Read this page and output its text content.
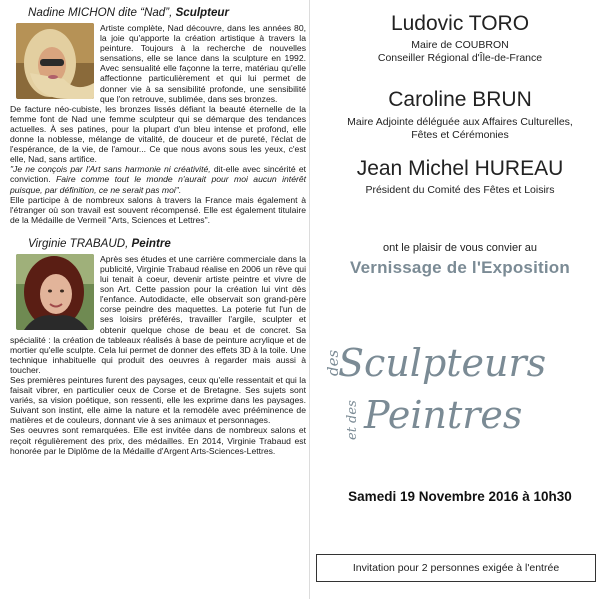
Nadine MICHON dite “Nad”, Sculpteur

Artiste complète, Nad découvre, dans les années 80, la joie qu'apporte la création artistique à travers la peinture. Toujours à la recherche de nouvelles sensations, elle se lance dans la sculpture en 1992. Avec sensualité elle façonne la terre, matériau qu'elle affectionne particulièrement et qui lui permet de donner vie à sa sensibilité profonde, une sensibilité que l'on retrouve, sublimée, dans ses bronzes.

De facture néo-cubiste, les bronzes lissés défiant la beauté éternelle de la femme font de Nad une femme sculpteur qui se démarque des tendances actuelles. À ses patines, pour la plupart d'un bleu intense et profond, elle donne la noblesse, mélange de vitalité, de douceur et de pureté, l'éclat de l'espérance, de la vie, de l'amour... Ce que nous avons sous les yeux, c'est elle, Nad, sans artifice.

"Je ne conçois par l'Art sans harmonie ni créativité, dit-elle avec sincérité et conviction. Faire comme tout le monde n'aurait pour moi aucun intérêt puisque, par définition, ce ne serait pas moi".

Elle participe à de nombreux salons à travers la France mais également à l'étranger où son travail est souvent récompensé. Elle est également titulaire de la Médaille de Vermeil "Arts, Sciences et Lettres".

Virginie TRABAUD, Peintre

Après ses études et une carrière commerciale dans la publicité, Virginie Trabaud réalise en 2006 un rêve qui lui tenait à coeur, devenir artiste peintre et vivre de son Art. Cette passion pour la création lui vint dès l'enfance. Autodidacte, elle observait son grand-père corse peindre des maquettes. La poterie fut l'un de ses loisirs préférés, travailler l'argile, sculpter et obtenir quelque chose de beau et de concret. Sa spécialité : la création de tableaux réalisés à base de peinture acrylique et de mortier qu'elle sculpte. Cela lui permet de donner des effets 3D à la toile. Une technique inhabituelle qui produit des oeuvres à regarder mais aussi à toucher.

Ses premières peintures furent des paysages, ceux qu'elle ressentait et qui la faisait vibrer, en particulier ceux de Corse et de Bretagne. Ses sujets sont variés, sa vision poétique, son ressenti, elle les exprime dans les paysages. Suivant son instint, elle aime la nature et la remodèle avec prééminence de matières et de couleurs, donnant vie à ses animaux et personnages.

Ses oeuvres sont remarquées. Elle est invitée dans de nombreux salons et reçoit régulièrement des prix, des médailles. En 2014, Virginie Trabaud est honorée par le Diplôme de la Médaille d'Argent Arts-Sciences-Lettres.

Ludovic TORO
Maire de COUBRON
Conseiller Régional d'Île-de-France
Caroline BRUN
Maire Adjointe déléguée aux Affaires Culturelles,
Fêtes et Cérémonies
Jean Michel HUREAU
Président du Comité des Fêtes et Loisirs
ont le plaisir de vous convier au
Vernissage de l'Exposition
des
Sculpteurs
et des Peintres
Samedi 19 Novembre 2016 à 10h30
Invitation pour 2 personnes exigée à l'entrée
